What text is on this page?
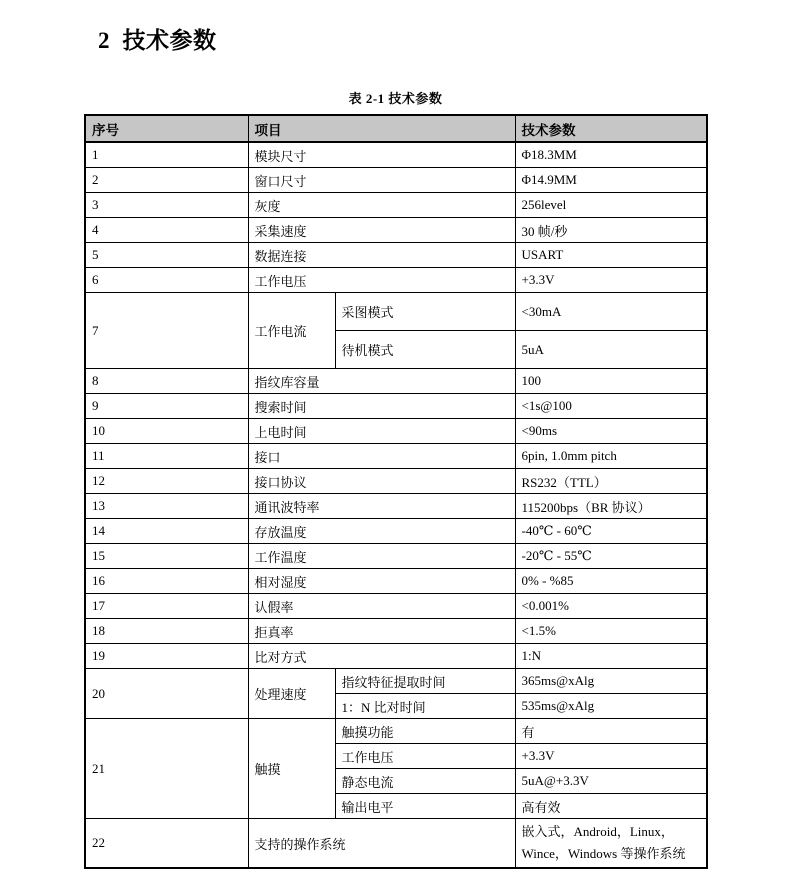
2  技术参数
表 2-1 技术参数
序号	项目		技术参数
1	模块尺寸		Φ18.3MM
2	窗口尺寸		Φ14.9MM
3	灰度		256level
4	采集速度		30 帧/秒
5	数据连接		USART
6	工作电压		+3.3V
7	工作电流	采图模式	<30mA
		待机模式	5uA
8	指纹库容量		100
9	搜索时间		<1s@100
10	上电时间		<90ms
11	接口		6pin, 1.0mm pitch
12	接口协议		RS232（TTL）
13	通讯波特率		115200bps（BR 协议）
14	存放温度		-40℃ - 60℃
15	工作温度		-20℃ - 55℃
16	相对湿度		0% - %85
17	认假率		<0.001%
18	拒真率		<1.5%
19	比对方式		1:N
20	处理速度	指纹特征提取时间	365ms@xAlg
		1：N 比对时间	535ms@xAlg
21	触摸	触摸功能	有
		工作电压	+3.3V
		静态电流	5uA@+3.3V
		输出电平	高有效
22	支持的操作系统		嵌入式，Android，Linux，Wince，Windows 等操作系统
